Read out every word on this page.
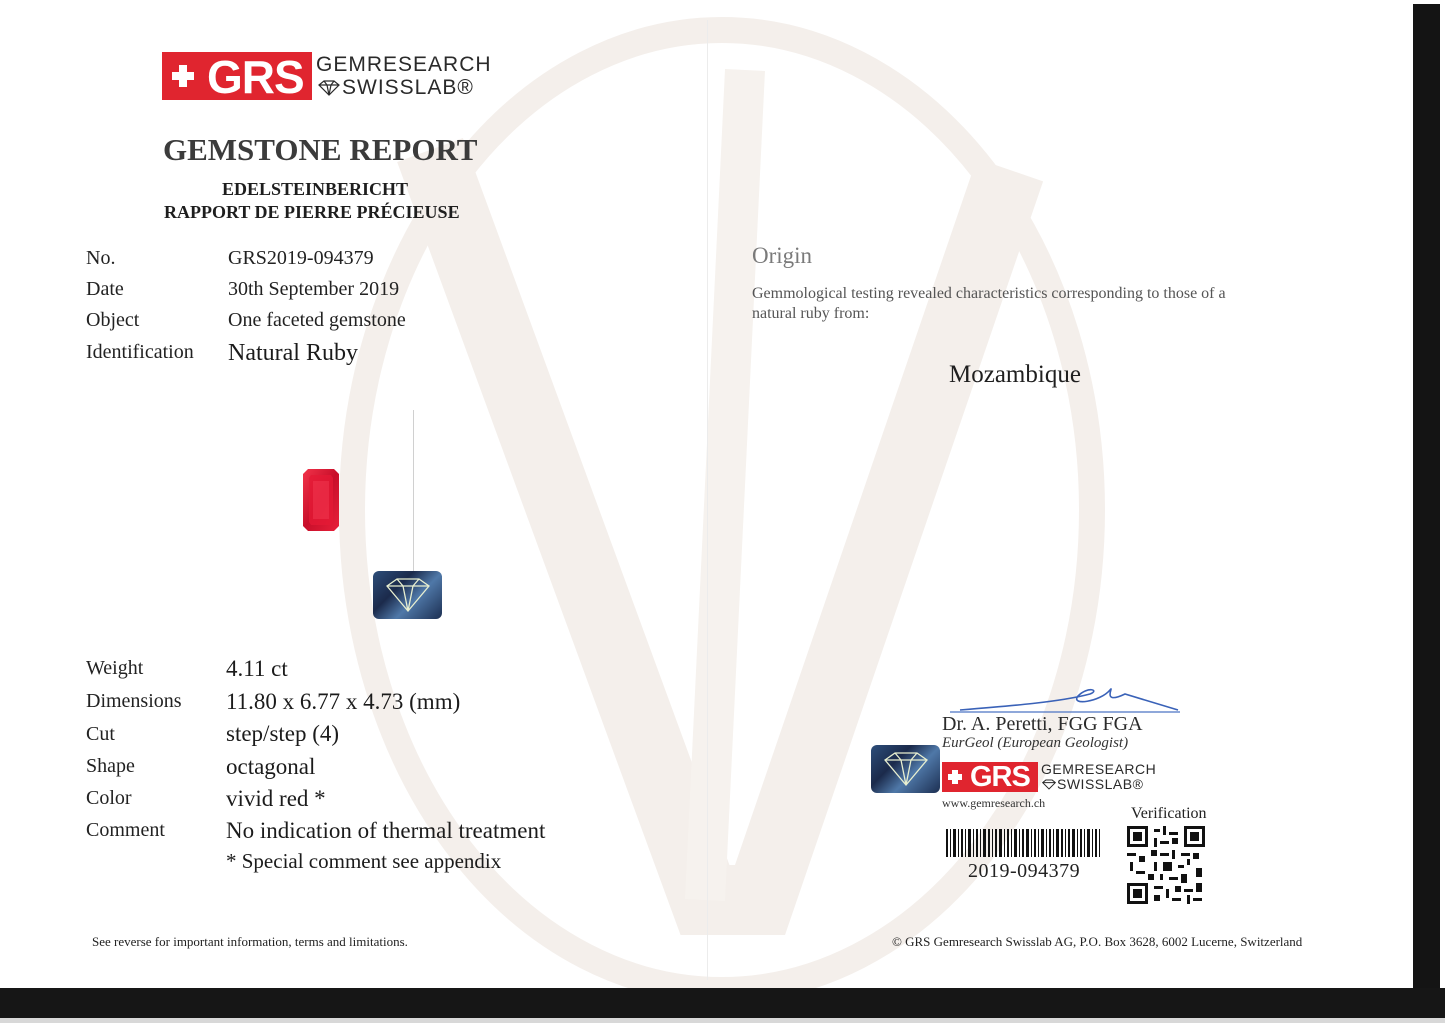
GRS GEMRESEARCH
SWISSLAB®
GEMSTONE REPORT
EDELSTEINBERICHT
RAPPORT DE PIERRE PRÉCIEUSE
No.	GRS2019-094379
Date	30th September 2019
Object	One faceted gemstone
Identification Natural Ruby
Weight	4.11 ct
Dimensions 11.80 x 6.77 x 4.73 (mm)
Cut	step/step (4)
Shape	octagonal
Color	vivid red *
Comment	No indication of thermal treatment
* Special comment see appendix
Origin
Gemmological testing revealed characteristics corresponding to those of a natural ruby from:
Mozambique
Dr. A. Peretti, FGG FGA
EurGeol (European Geologist)
GRS GEMRESEARCH
SWISSLAB®
www.gemresearch.ch
Verification
2019-094379
See reverse for important information, terms and limitations.	© GRS Gemresearch Swisslab AG, P.O. Box 3628, 6002 Lucerne, Switzerland
